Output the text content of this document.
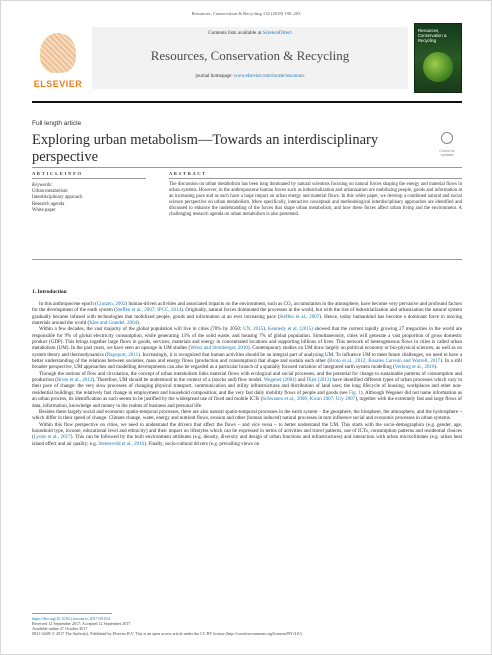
Resources, Conservation & Recycling 132 (2018) 190–203
ELSEVIER
Contents lists available at ScienceDirect
Resources, Conservation & Recycling
journal homepage: www.elsevier.com/locate/resconrec
Resources, Conservation & Recycling
Full length article
Exploring urban metabolism—Towards an interdisciplinary perspective	Check for updates
A R T I C L E I N F O
Keywords:
Urban metabolism
Interdisciplinary approach
Research agenda
White paper
A B S T R A C T
The discussion on urban metabolism has been long dominated by natural scientists focusing on natural forces shaping the energy and material flows in urban systems. However, in the anthroposcene human forces such as industrialization and urbanization are mobilizing people, goods and information at an increasing pace and as such have a large impact on urban energy and material flows. In this white paper, we develop a combined natural and social science perspective on urban metabolism. More specifically, interactive conceptual and methodological interdisciplinary approaches are identified and discussed to enhance the understanding of the forces that shape urban metabolism, and how these forces affect urban living and the environment. A challenging research agenda on urban metabolism is also presented.
1. Introduction

In this anthropocene epoch (Crutzen, 2002) human-driven activities and associated impacts on the environment, such as CO₂ accumulation in the atmosphere, have become very pervasive and profound factors for the development of the earth system (Steffen et al., 2007; IPCC, 2014). Originally, natural forces dominated the processes in the world, but with the rise of industrialization and urbanization the natural system gradually became infused with technologies that mobilized people, goods and information at an ever increasing pace (Steffen et al., 2007). Hence, today humankind has become a dominant force in moving materials around the world (Klee and Graedel, 2004).

Within a few decades, the vast majority of the global population will live in cities (70% by 2050; UN, 2015). Kennedy et al. (2015) showed that the current rapidly growing 27 megacities in the world are responsible for 9% of global electricity consumption, while generating 13% of the solid waste, and housing 7% of global population. Simultaneously, cities will generate a vast proportion of gross domestic product (GDP). This brings together large flows in goods, services, materials and energy in concentrated locations and supporting billions of lives. This network of heterogeneous flows in cities is called urban metabolism (UM). In the past years, we have seen an upsurge in UM studies (Weisz and Steinberger, 2010). Contemporary studies on UM draw largely on political economy or bio-physical sciences, as well as on system theory and thermodynamics (Rapoport, 2011). Increasingly, it is recognized that human activities should be an integral part of analyzing UM. To influence UM to meet future challenges, we need to have a better understanding of the relations between societies, mass and energy flows (production and consumption) that shape and sustain each other (Broto et al., 2012; Rosales Carreón and Worrell, 2017). In a still broader perspective, UM approaches and modelling developments can also be regarded as a particular branch of a spatially focused variation of integrated earth system modelling (Verburg et al., 2016).

Through the notions of flow and circulation, the concept of urban metabolism links material flows with ecological and social processes, and the potential for change to sustainable patterns of consumption and production (Broto et al., 2012). Therefore, UM should be understood in the context of a (stocks and) flow model. Wegener (2004) and Dijst (2013) have identified different types of urban processes which vary in their pace of change: the very slow processes of changing physical transport, communication and utility infrastructures and distribution of land uses; the long lifecycle of housing, workplaces and other non-residential buildings; the relatively fast change in employment and household composition; and the very fast daily mobility flows of people and goods (see Fig. 1). Although Wegener did not name information as an urban process, its identification as such seems to be justified by the widespread use of fixed and mobile ICTs (Schwanen et al., 2006; Kwan 2007; Ury 2007), together with the extremely fast and large flows of data, information, knowledge and money in the realms of business and personal life.

Besides these largely social and economic spatio-temporal processes, there are also natural spatio-temporal processes in the earth system – the geosphere, the biosphere, the atmosphere, and the hydrosphere – which differ in their speed of change. Climate change, water, energy and nutrient flows, erosion and other (human induced) natural processes in turn influence social and economic processes in urban systems.

Within this flow perspective on cities, we need to understand the drivers that affect the flows – and vice versa – to better understand the UM. This starts with the socio-demographics (e.g. gender, age, household type, income, educational level and ethnicity) and their impact on lifestyles which can be expressed in terms of activities and travel patterns, use of ICTs, consumption patterns and residential choices (Lyons et al., 2017). This can be followed by the built environment attributes (e.g. density, diversity and design of urban functions and infrastructures) and interaction with urban microclimates (e.g. urban heat island effect and air quality; e.g. Steeneveld et al., 2016). Finally, socio-cultural drivers (e.g. prevailing views on

https://doi.org/10.1016/j.resconrec.2017.09.014
Received 12 September 2017; Accepted 12 September 2017
Available online 27 October 2017
0921-3449/ © 2017 The Author(s). Published by Elsevier B.V. This is an open access article under the CC BY license (http://creativecommons.org/licenses/BY/4.0/).
